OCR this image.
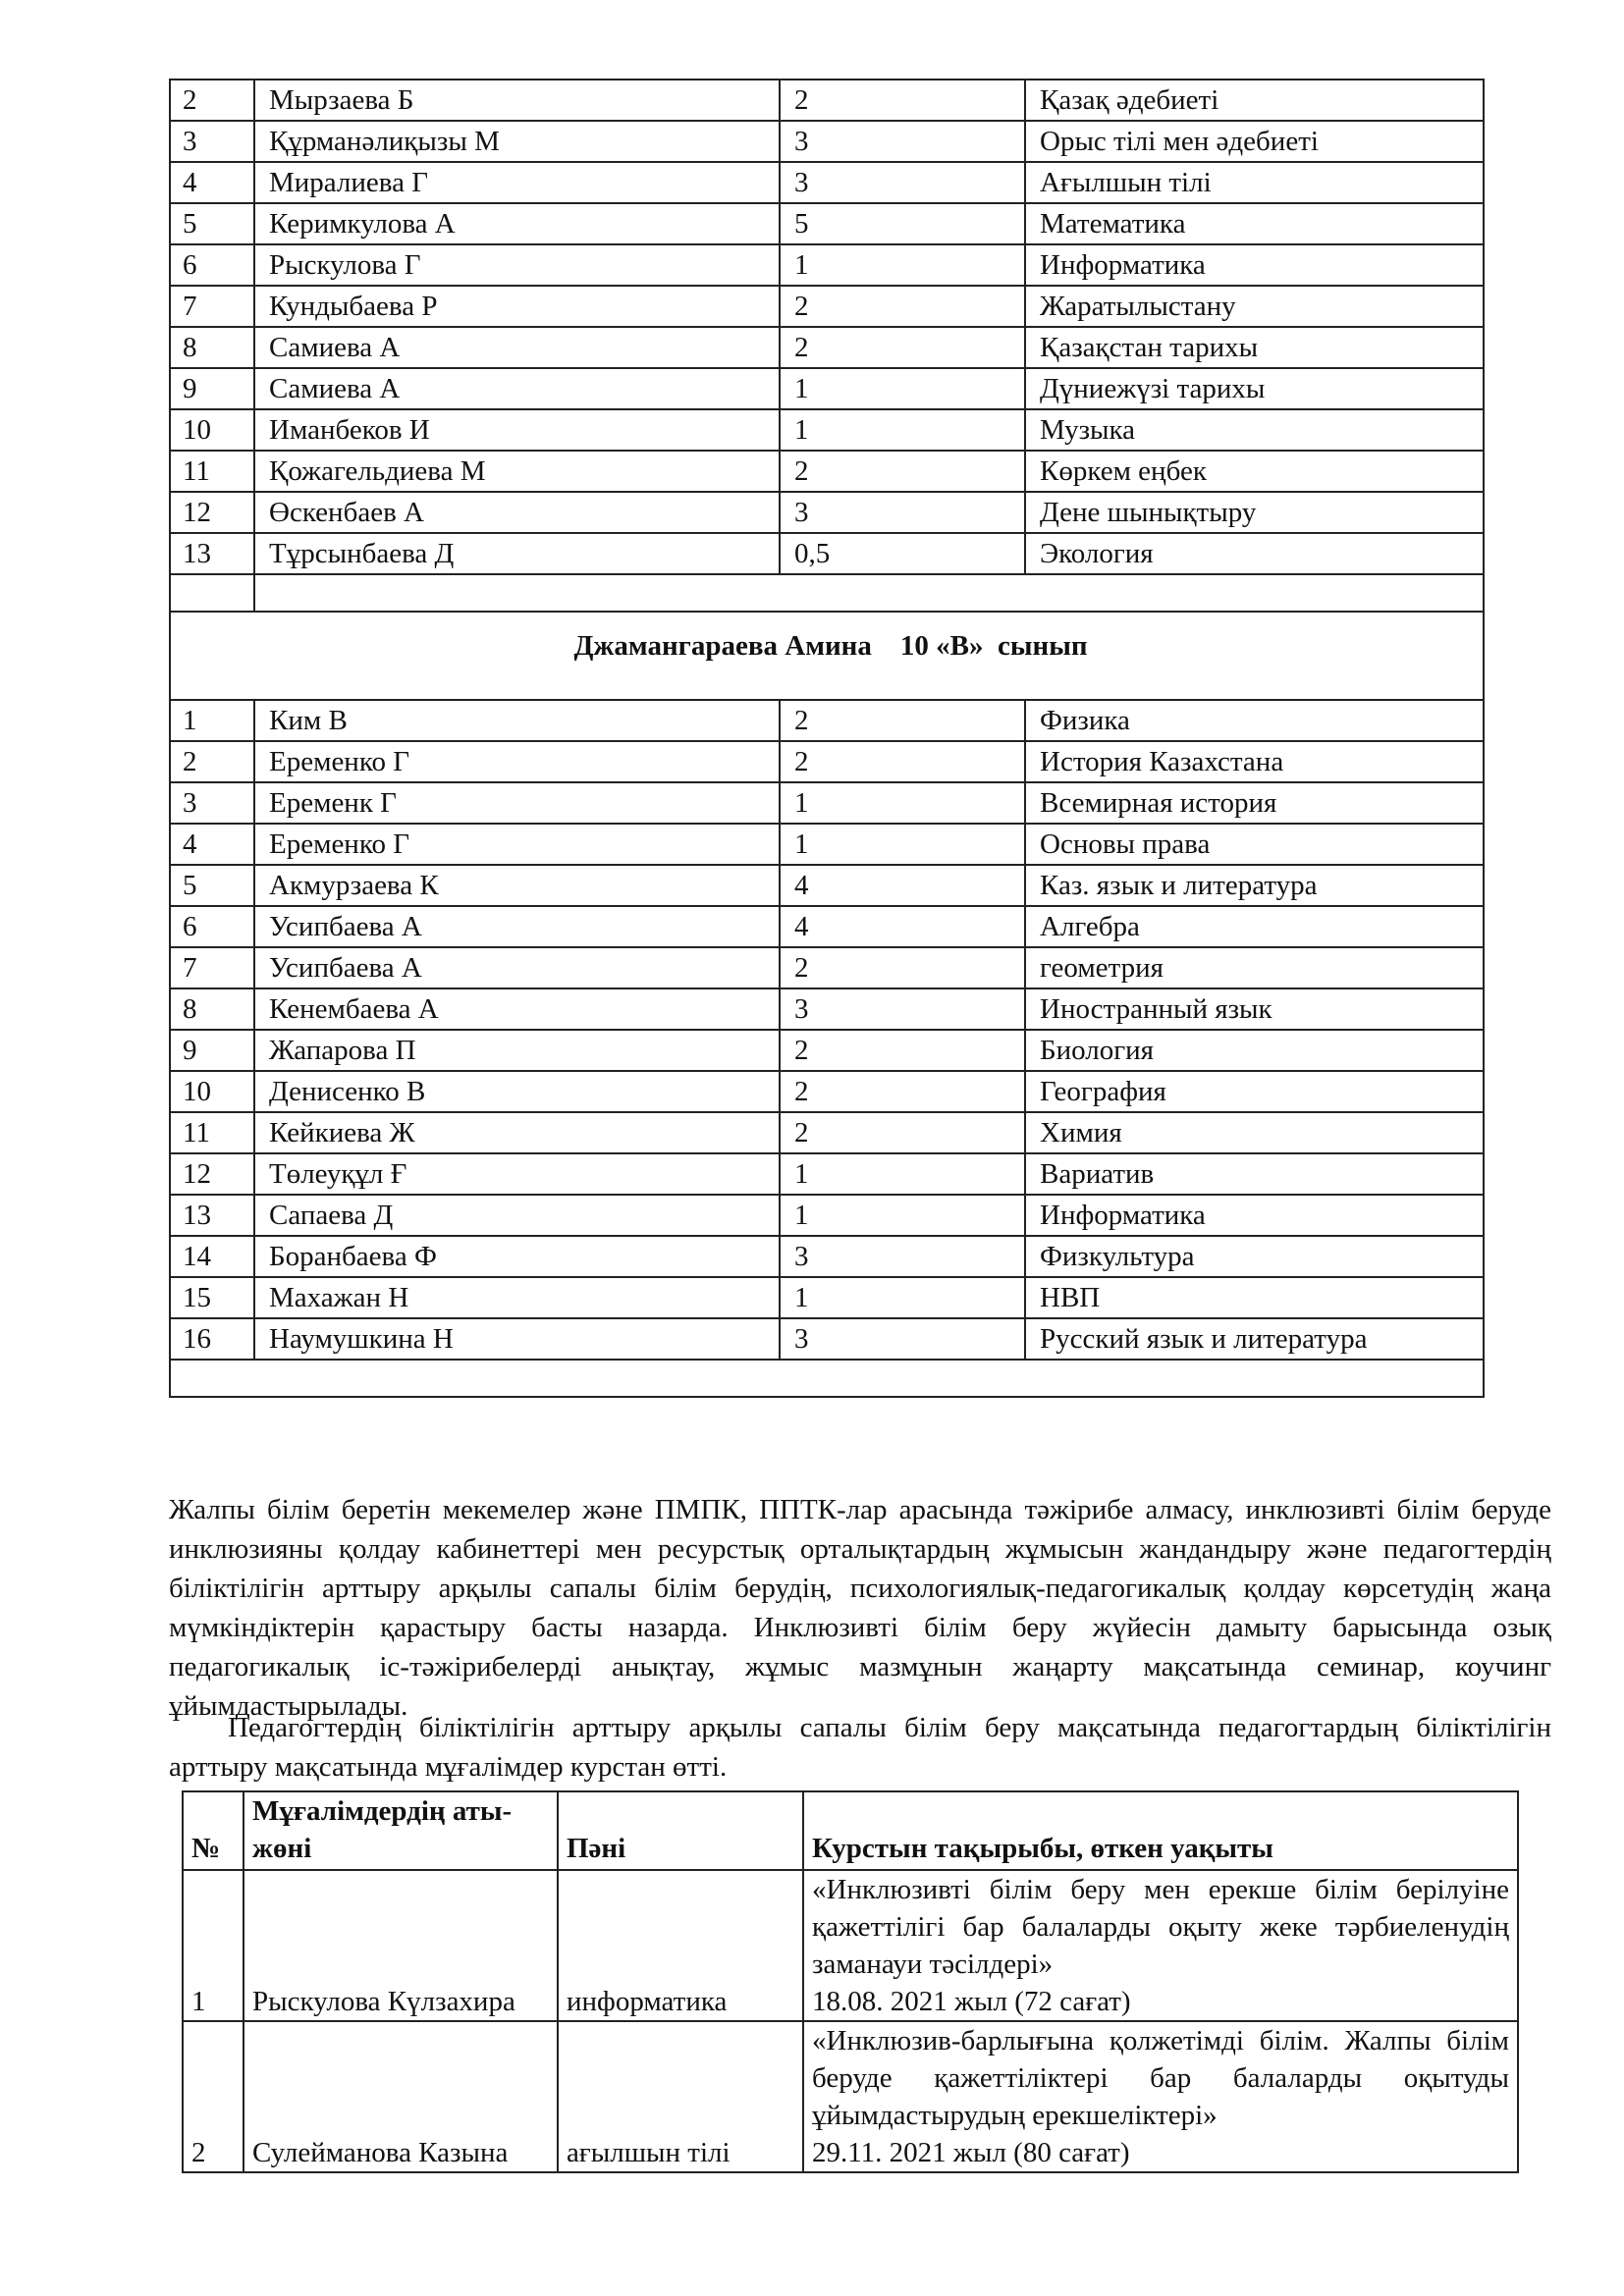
2	Мырзаева Б	2	Қазақ әдебиеті
3	Құрманәлиқызы М	3	Орыс тілі мен әдебиеті
4	Миралиева Г	3	Ағылшын тілі
5	Керимкулова А	5	Математика
6	Рыскулова Г	1	Информатика
7	Кундыбаева Р	2	Жаратылыстану
8	Самиева А	2	Қазақстан тарихы
9	Самиева А	1	Дүниежүзі тарихы
10	Иманбеков И	1	Музыка
11	Қожагельдиева М	2	Көркем еңбек
12	Өскенбаев А	3	Дене шынықтыру
13	Тұрсынбаева Д	0,5	Экология

Джамангараева Амина    10 «В»  сынып			
1	Ким В	2	Физика
2	Еременко Г	2	История Казахстана
3	Еременк Г	1	Всемирная история
4	Еременко Г	1	Основы права
5	Акмурзаева К	4	Каз. язык и литература
6	Усипбаева А	4	Алгебра
7	Усипбаева А	2	геометрия
8	Кенембаева А	3	Иностранный язык
9	Жапарова П	2	Биология
10	Денисенко В	2	География
11	Кейкиева Ж	2	Химия
12	Төлеуқұл Ғ	1	Вариатив
13	Сапаева Д	1	Информатика
14	Боранбаева Ф	3	Физкультура
15	Махажан Н	1	НВП
16	Наумушкина Н	3	Русский язык и литература

Жалпы білім беретін мекемелер және ПМПК, ППТК-лар арасында тәжірибе алмасу, инклюзивті білім беруде инклюзияны қолдау кабинеттері мен ресурстық орталықтардың жұмысын жандандыру және педагогтердің біліктілігін арттыру арқылы сапалы білім берудің, психологиялық-педагогикалық қолдау көрсетудің жаңа мүмкіндіктерін қарастыру басты назарда. Инклюзивті білім беру жүйесін дамыту барысында озық педагогикалық іс-тәжірибелерді анықтау, жұмыс мазмұнын жаңарту мақсатында семинар, коучинг ұйымдастырылады.

Педагогтердің біліктілігін арттыру арқылы сапалы білім беру мақсатында педагогтардың біліктілігін арттыру мақсатында мұғалімдер курстан өтті.

№	Мұғалімдердің аты-жөні	Пәні	Курстын тақырыбы, өткен уақыты
1	Рыскулова Күлзахира	информатика	«Инклюзивті білім беру мен ерекше білім берілуіне қажеттілігі бар балаларды оқыту жеке тәрбиеленудің заманауи тәсілдері»
18.08. 2021 жыл (72 сағат)

2	Сулейманова Казына	ағылшын тілі	«Инклюзив-барлығына қолжетімді білім. Жалпы білім беруде қажеттіліктері бар балаларды оқытуды ұйымдастырудың ерекшеліктері»
29.11. 2021 жыл (80 сағат)
